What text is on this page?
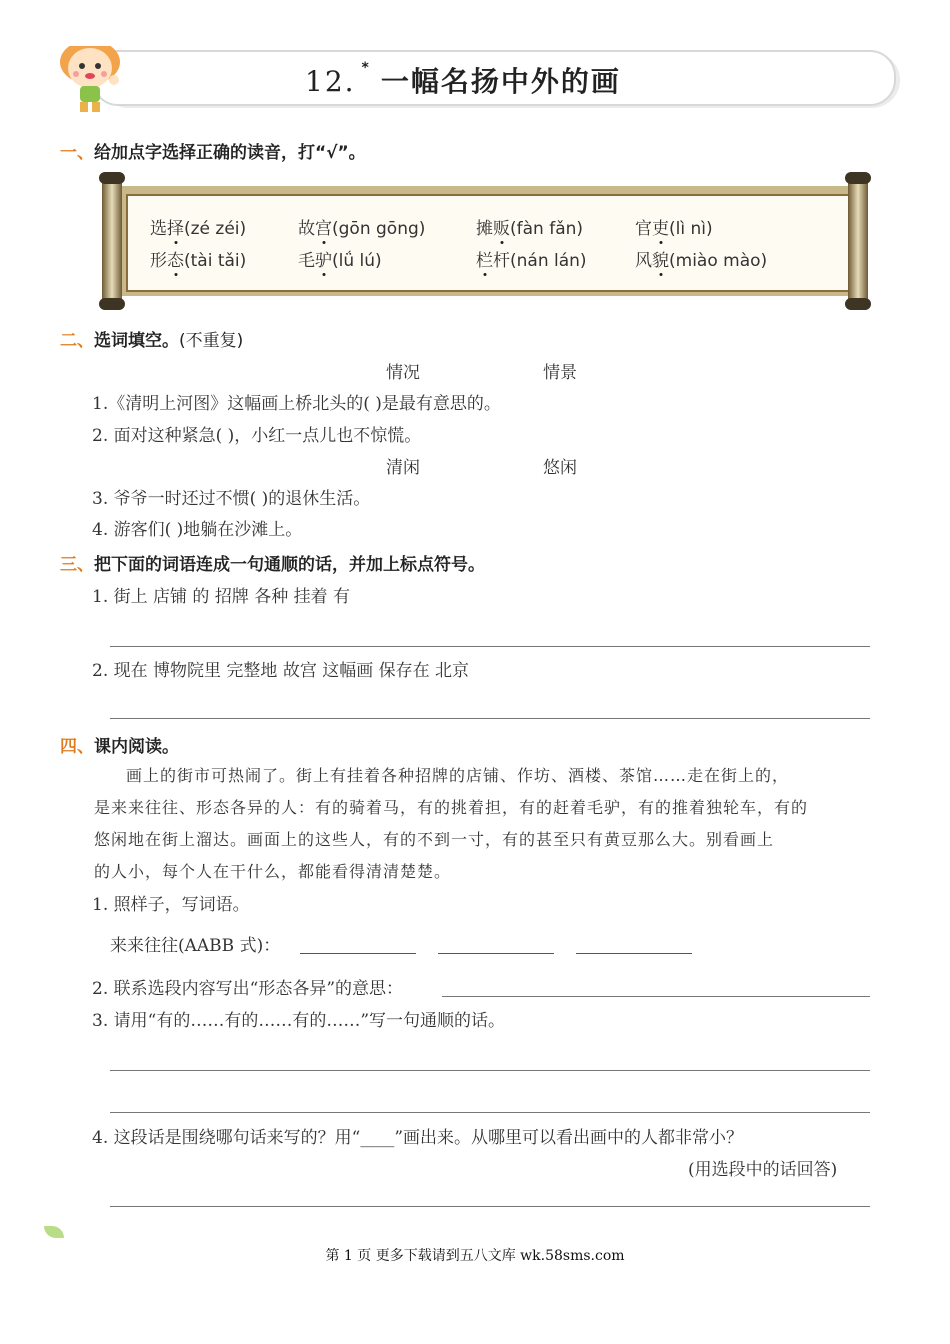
12. * 一幅名扬中外的画
一、给加点字选择正确的读音，打“√”。
选择(zé zéi)	故宫(gōn gōng)	摊贩(fàn fǎn)	官吏(lì nì)
形态(tài tǎi)	毛驴(lǘ lú)	栏杆(nán lán)	风貌(miào mào)
二、选词填空。(不重复)
情况	情景
1.《清明上河图》这幅画上桥北头的( )是最有意思的。
2. 面对这种紧急( )，小红一点儿也不惊慌。
清闲	悠闲
3. 爷爷一时还过不惯( )的退休生活。
4. 游客们( )地躺在沙滩上。
三、把下面的词语连成一句通顺的话，并加上标点符号。
1. 街上 店铺 的 招牌 各种 挂着 有
2. 现在 博物院里 完整地 故宫 这幅画 保存在 北京
四、课内阅读。

画上的街市可热闹了。街上有挂着各种招牌的店铺、作坊、酒楼、茶馆……走在街上的，

是来来往往、形态各异的人：有的骑着马，有的挑着担，有的赶着毛驴，有的推着独轮车，有的
悠闲地在街上溜达。画面上的这些人，有的不到一寸，有的甚至只有黄豆那么大。别看画上
的人小，每个人在干什么，都能看得清清楚楚。
1. 照样子，写词语。
来来往往(AABB 式)：
2. 联系选段内容写出“形态各异”的意思：
3. 请用“有的……有的……有的……”写一句通顺的话。
4. 这段话是围绕哪句话来写的？用“____”画出来。从哪里可以看出画中的人都非常小？
(用选段中的话回答)
第 1 页 更多下载请到五八文库 wk.58sms.com
